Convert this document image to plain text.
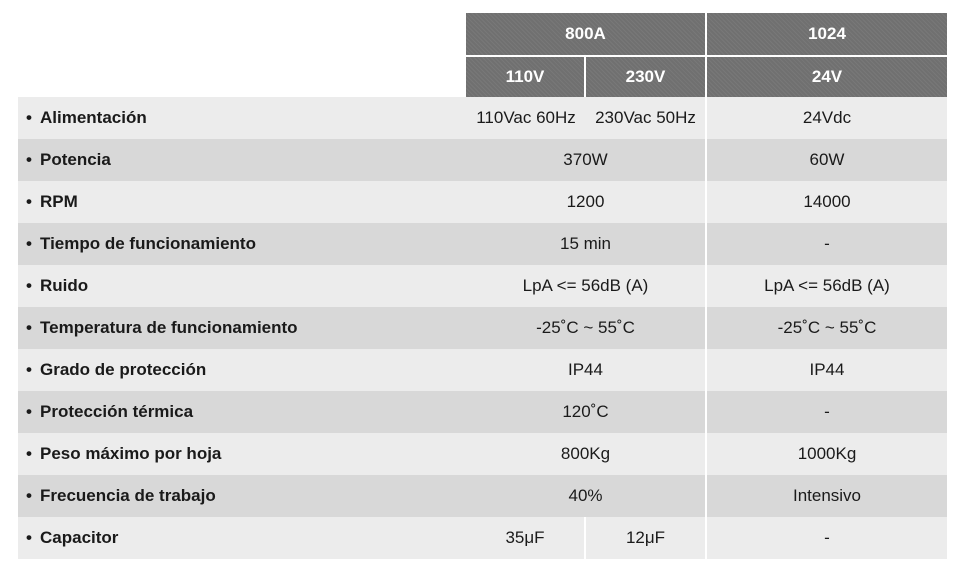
	800A		1024
	110V	230V	24V
• Alimentación	110Vac 60Hz	230Vac 50Hz	24Vdc
• Potencia	370W		60W
• RPM	1200		14000
• Tiempo de funcionamiento	15 min		-
• Ruido	LpA <= 56dB (A)		LpA <= 56dB (A)
• Temperatura de funcionamiento	-25˚C ~ 55˚C		-25˚C ~ 55˚C
• Grado de protección	IP44		IP44
• Protección térmica	120˚C		-
• Peso máximo por hoja	800Kg		1000Kg
• Frecuencia de trabajo	40%		Intensivo
• Capacitor	35μF	12μF	-
